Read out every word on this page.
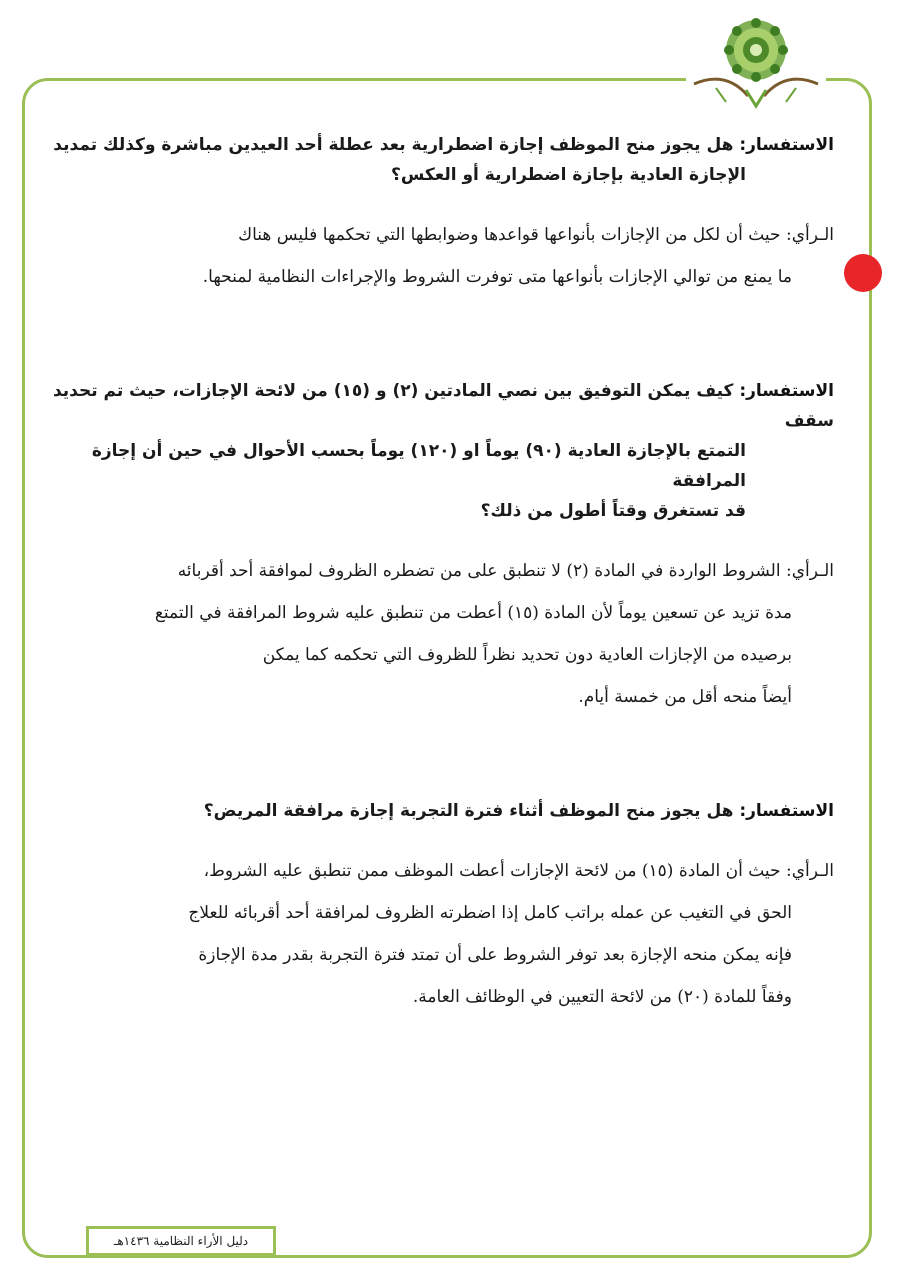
الاستفسار: هل يجوز منح الموظف إجازة اضطرارية بعد عطلة أحد العيدين مباشرة وكذلك تمديد
الإجازة العادية بإجازة اضطرارية أو العكس؟

الـرأي: حيث أن لكل من الإجازات بأنواعها قواعدها وضوابطها التي تحكمها فليس هناك
ما يمنع من توالي الإجازات بأنواعها متى توفرت الشروط والإجراءات النظامية لمنحها.

الاستفسار: كيف يمكن التوفيق بين نصي المادتين (٢) و (١٥) من لائحة الإجازات، حيث تم تحديد سقف
التمتع بالإجازة العادية (٩٠) يوماً او (١٢٠) يوماً بحسب الأحوال في حين أن إجازة المرافقة
قد تستغرق وقتاً أطول من ذلك؟

الـرأي: الشروط الواردة في المادة (٢) لا تنطبق على من تضطره الظروف لموافقة أحد أقربائه
مدة تزيد عن تسعين يوماً لأن المادة (١٥) أعطت من تنطبق عليه شروط المرافقة في التمتع
برصيده من الإجازات العادية دون تحديد نظراً للظروف التي تحكمه كما يمكن
أيضاً منحه أقل من خمسة أيام.

الاستفسار: هل يجوز منح الموظف أثناء فترة التجربة إجازة مرافقة المريض؟

الـرأي: حيث أن المادة (١٥) من لائحة الإجازات أعطت الموظف ممن تنطبق عليه الشروط،
الحق في التغيب عن عمله براتب كامل إذا اضطرته الظروف لمرافقة أحد أقربائه للعلاج
فإنه يمكن منحه الإجازة بعد توفر الشروط على أن تمتد فترة التجربة بقدر مدة الإجازة
وفقاً للمادة (٢٠) من لائحة التعيين في الوظائف العامة.

دليل الأراء النظامية ١٤٣٦هـ
